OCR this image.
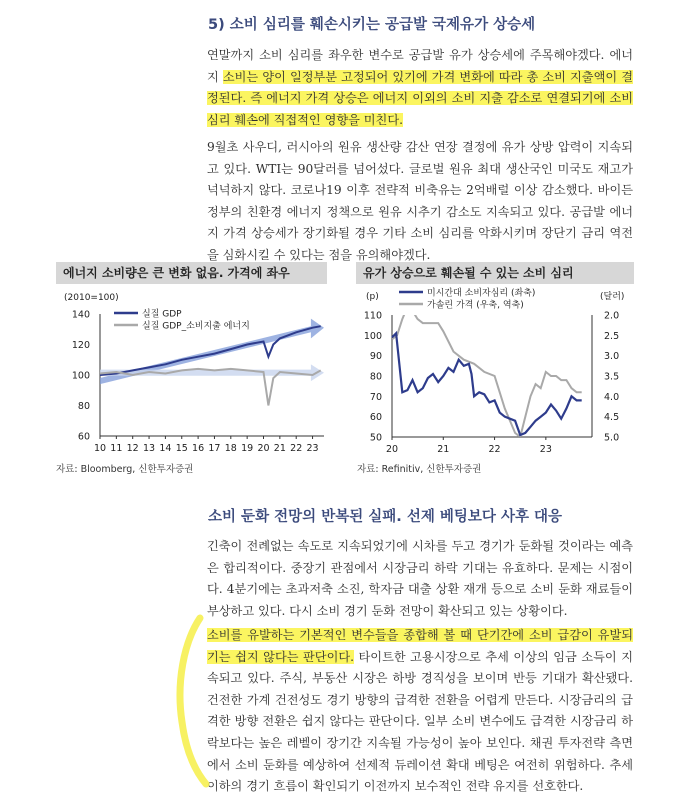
5) 소비 심리를 훼손시키는 공급발 국제유가 상승세

연말까지 소비 심리를 좌우한 변수로 공급발 유가 상승세에 주목해야겠다. 에너지 소비는 양이 일정부분 고정되어 있기에 가격 변화에 따라 총 소비 지출액이 결정된다. 즉 에너지 가격 상승은 에너지 이외의 소비 지출 감소로 연결되기에 소비 심리 훼손에 직접적인 영향을 미친다.

9월초 사우디, 러시아의 원유 생산량 감산 연장 결정에 유가 상방 압력이 지속되고 있다. WTI는 90달러를 넘어섰다. 글로벌 원유 최대 생산국인 미국도 재고가 넉넉하지 않다. 코로나19 이후 전략적 비축유는 2억배럴 이상 감소했다. 바이든 정부의 친환경 에너지 정책으로 원유 시추기 감소도 지속되고 있다. 공급발 에너지 가격 상승세가 장기화될 경우 기타 소비 심리를 악화시키며 장단기 금리 역전을 심화시킬 수 있다는 점을 유의해야겠다.

에너지 소비량은 큰 변화 없음. 가격에 좌우
(2010=100)
140
120
100
80
60
10 11 12 13 14 15 16 17 18 19 20 21 22 23
실질 GDP
실질 GDP_소비지출 에너지
자료: Bloomberg, 신한투자증권
유가 상승으로 훼손될 수 있는 소비 심리
(p)	(달러)
110
100
90
80
70
60
50
2.0
2.5
3.0
3.5
4.0
4.5
5.0
20	21	22	23
미시간대 소비자심리 (좌축)
가솔린 가격 (우축, 역축)
자료: Refinitiv, 신한투자증권
소비 둔화 전망의 반복된 실패. 선제 베팅보다 사후 대응

긴축이 전례없는 속도로 지속되었기에 시차를 두고 경기가 둔화될 것이라는 예측은 합리적이다. 중장기 관점에서 시장금리 하락 기대는 유효하다. 문제는 시점이다. 4분기에는 초과저축 소진, 학자금 대출 상환 재개 등으로 소비 둔화 재료들이 부상하고 있다. 다시 소비 경기 둔화 전망이 확산되고 있는 상황이다.

소비를 유발하는 기본적인 변수들을 종합해 볼 때 단기간에 소비 급감이 유발되기는 쉽지 않다는 판단이다. 타이트한 고용시장으로 추세 이상의 임금 소득이 지속되고 있다. 주식, 부동산 시장은 하방 경직성을 보이며 반등 기대가 확산됐다. 건전한 가계 건전성도 경기 방향의 급격한 전환을 어렵게 만든다. 시장금리의 급격한 방향 전환은 쉽지 않다는 판단이다. 일부 소비 변수에도 급격한 시장금리 하락보다는 높은 레벨이 장기간 지속될 가능성이 높아 보인다. 채권 투자전략 측면에서 소비 둔화를 예상하여 선제적 듀레이션 확대 베팅은 여전히 위험하다. 추세 이하의 경기 흐름이 확인되기 이전까지 보수적인 전략 유지를 선호한다.
